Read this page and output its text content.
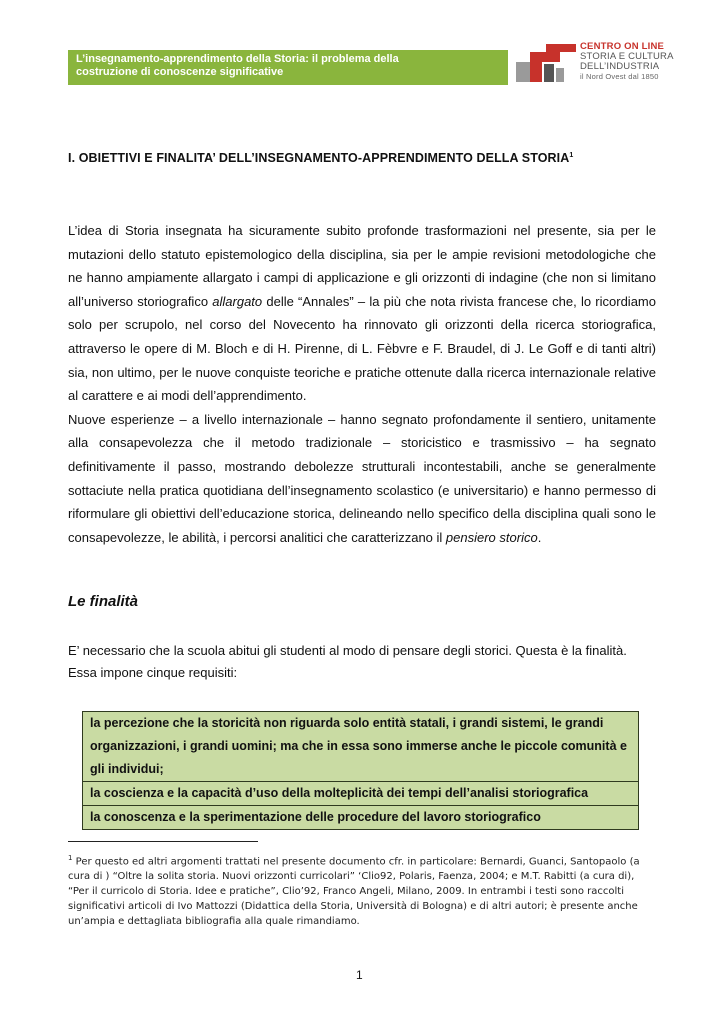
L’insegnamento-apprendimento della Storia: il problema della
costruzione di conoscenze significative
CENTRO ON LINE
STORIA E CULTURA
DELL’INDUSTRIA
il Nord Ovest dal 1850
I. OBIETTIVI E FINALITA’ DELL’INSEGNAMENTO-APPRENDIMENTO DELLA STORIA$^1$

L’idea di Storia insegnata ha sicuramente subito profonde trasformazioni nel presente, sia per le mutazioni dello statuto epistemologico della disciplina, sia per le ampie revisioni metodologiche che ne hanno ampiamente allargato i campi di applicazione e gli orizzonti di indagine (che non si limitano all’universo storiografico allargato delle “Annales” – la più che nota rivista francese che, lo ricordiamo solo per scrupolo, nel corso del Novecento ha rinnovato gli orizzonti della ricerca storiografica, attraverso le opere di M. Bloch e di H. Pirenne, di L. Fèbvre e F. Braudel, di J. Le Goff e di tanti altri) sia, non ultimo, per le nuove conquiste teoriche e pratiche ottenute dalla ricerca internazionale relative al carattere e ai modi dell’apprendimento.

Nuove esperienze – a livello internazionale – hanno segnato profondamente il sentiero, unitamente alla consapevolezza che il metodo tradizionale – storicistico e trasmissivo – ha segnato definitivamente il passo, mostrando debolezze strutturali incontestabili, anche se generalmente sottaciute nella pratica quotidiana dell’insegnamento scolastico (e universitario) e hanno permesso di riformulare gli obiettivi dell’educazione storica, delineando nello specifico della disciplina quali sono le consapevolezze, le abilità, i percorsi analitici che caratterizzano il pensiero storico.

Le finalità

E’ necessario che la scuola abitui gli studenti al modo di pensare degli storici. Questa è la finalità.

Essa impone cinque requisiti:

la percezione che la storicità non riguarda solo entità statali, i grandi sistemi, le grandi organizzazioni, i grandi uomini; ma che in essa sono immerse anche le piccole comunità e gli individui;
la coscienza e la capacità d’uso della molteplicità dei tempi dell’analisi storiografica
la conoscenza e la sperimentazione delle procedure del lavoro storiografico
$^1$ Per questo ed altri argomenti trattati nel presente documento cfr. in particolare: Bernardi, Guanci, Santopaolo (a cura di ) “Oltre la solita storia. Nuovi orizzonti curricolari” ‘Clio92, Polaris, Faenza, 2004; e M.T. Rabitti (a cura di), “Per il curricolo di Storia. Idee e pratiche”, Clio’92, Franco Angeli, Milano, 2009. In entrambi i testi sono raccolti significativi articoli di Ivo Mattozzi (Didattica della Storia, Università di Bologna) e di altri autori; è presente anche un’ampia e dettagliata bibliografia alla quale rimandiamo.
1
